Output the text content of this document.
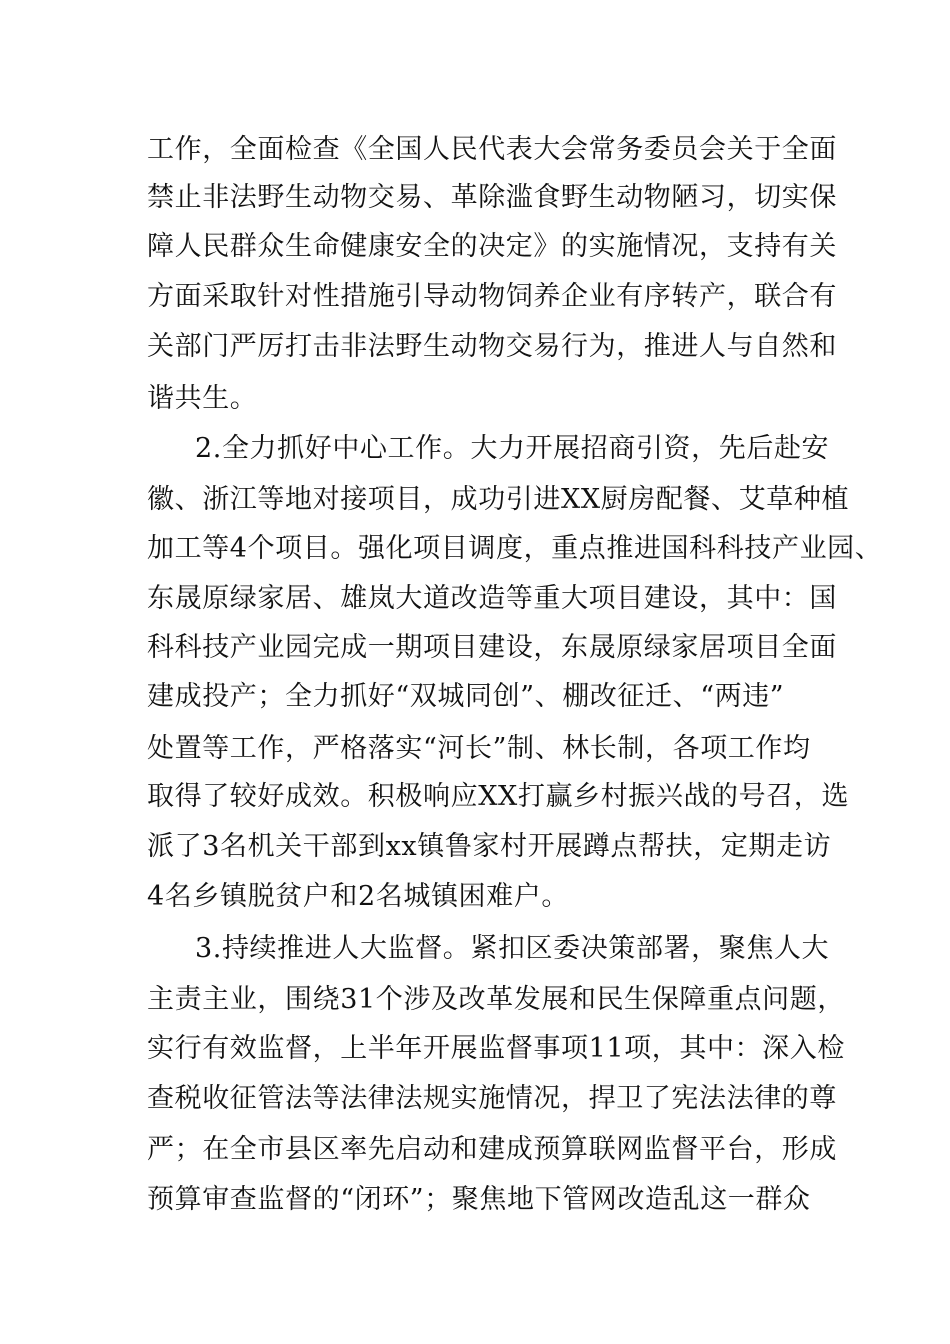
工作，全面检查《全国人民代表大会常务委员会关于全面
禁止非法野生动物交易、革除滥食野生动物陋习，切实保
障人民群众生命健康安全的决定》的实施情况，支持有关
方面采取针对性措施引导动物饲养企业有序转产，联合有
关部门严厉打击非法野生动物交易行为，推进人与自然和
谐共生。
2.全力抓好中心工作。大力开展招商引资，先后赴安
徽、浙江等地对接项目，成功引进XX厨房配餐、艾草种植
加工等4个项目。强化项目调度，重点推进国科科技产业园、
东晟原绿家居、雄岚大道改造等重大项目建设，其中：国
科科技产业园完成一期项目建设，东晟原绿家居项目全面
建成投产；全力抓好“双城同创”、棚改征迁、“两违”
处置等工作，严格落实“河长”制、林长制，各项工作均
取得了较好成效。积极响应XX打赢乡村振兴战的号召，选
派了3名机关干部到xx镇鲁家村开展蹲点帮扶，定期走访
4名乡镇脱贫户和2名城镇困难户。
3.持续推进人大监督。紧扣区委决策部署，聚焦人大
主责主业，围绕31个涉及改革发展和民生保障重点问题，
实行有效监督，上半年开展监督事项11项，其中：深入检
查税收征管法等法律法规实施情况，捍卫了宪法法律的尊
严；在全市县区率先启动和建成预算联网监督平台，形成
预算审查监督的“闭环”；聚焦地下管网改造乱这一群众
